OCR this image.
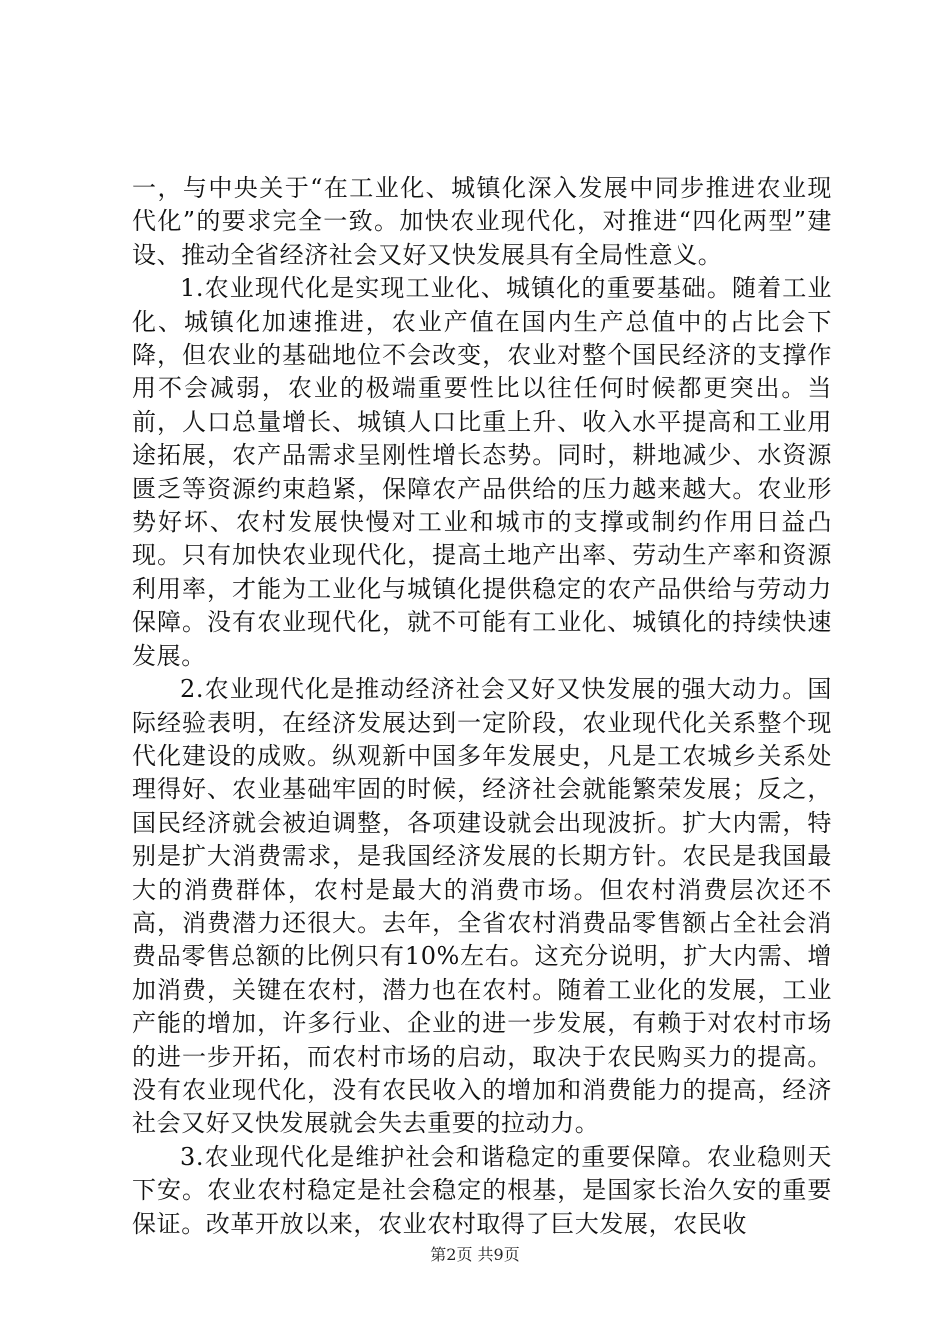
一，与中央关于“在工业化、城镇化深入发展中同步推进农业现代化”的要求完全一致。加快农业现代化，对推进“四化两型”建设、推动全省经济社会又好又快发展具有全局性意义。

1.农业现代化是实现工业化、城镇化的重要基础。随着工业化、城镇化加速推进，农业产值在国内生产总值中的占比会下降，但农业的基础地位不会改变，农业对整个国民经济的支撑作用不会减弱，农业的极端重要性比以往任何时候都更突出。当前，人口总量增长、城镇人口比重上升、收入水平提高和工业用途拓展，农产品需求呈刚性增长态势。同时，耕地减少、水资源匮乏等资源约束趋紧，保障农产品供给的压力越来越大。农业形势好坏、农村发展快慢对工业和城市的支撑或制约作用日益凸现。只有加快农业现代化，提高土地产出率、劳动生产率和资源利用率，才能为工业化与城镇化提供稳定的农产品供给与劳动力保障。没有农业现代化，就不可能有工业化、城镇化的持续快速发展。

2.农业现代化是推动经济社会又好又快发展的强大动力。国际经验表明，在经济发展达到一定阶段，农业现代化关系整个现代化建设的成败。纵观新中国多年发展史，凡是工农城乡关系处理得好、农业基础牢固的时候，经济社会就能繁荣发展；反之，国民经济就会被迫调整，各项建设就会出现波折。扩大内需，特别是扩大消费需求，是我国经济发展的长期方针。农民是我国最大的消费群体，农村是最大的消费市场。但农村消费层次还不高，消费潜力还很大。去年，全省农村消费品零售额占全社会消费品零售总额的比例只有10%左右。这充分说明，扩大内需、增加消费，关键在农村，潜力也在农村。随着工业化的发展，工业产能的增加，许多行业、企业的进一步发展，有赖于对农村市场的进一步开拓，而农村市场的启动，取决于农民购买力的提高。没有农业现代化，没有农民收入的增加和消费能力的提高，经济社会又好又快发展就会失去重要的拉动力。

3.农业现代化是维护社会和谐稳定的重要保障。农业稳则天下安。农业农村稳定是社会稳定的根基，是国家长治久安的重要保证。改革开放以来，农业农村取得了巨大发展，农民收

第2页 共9页
